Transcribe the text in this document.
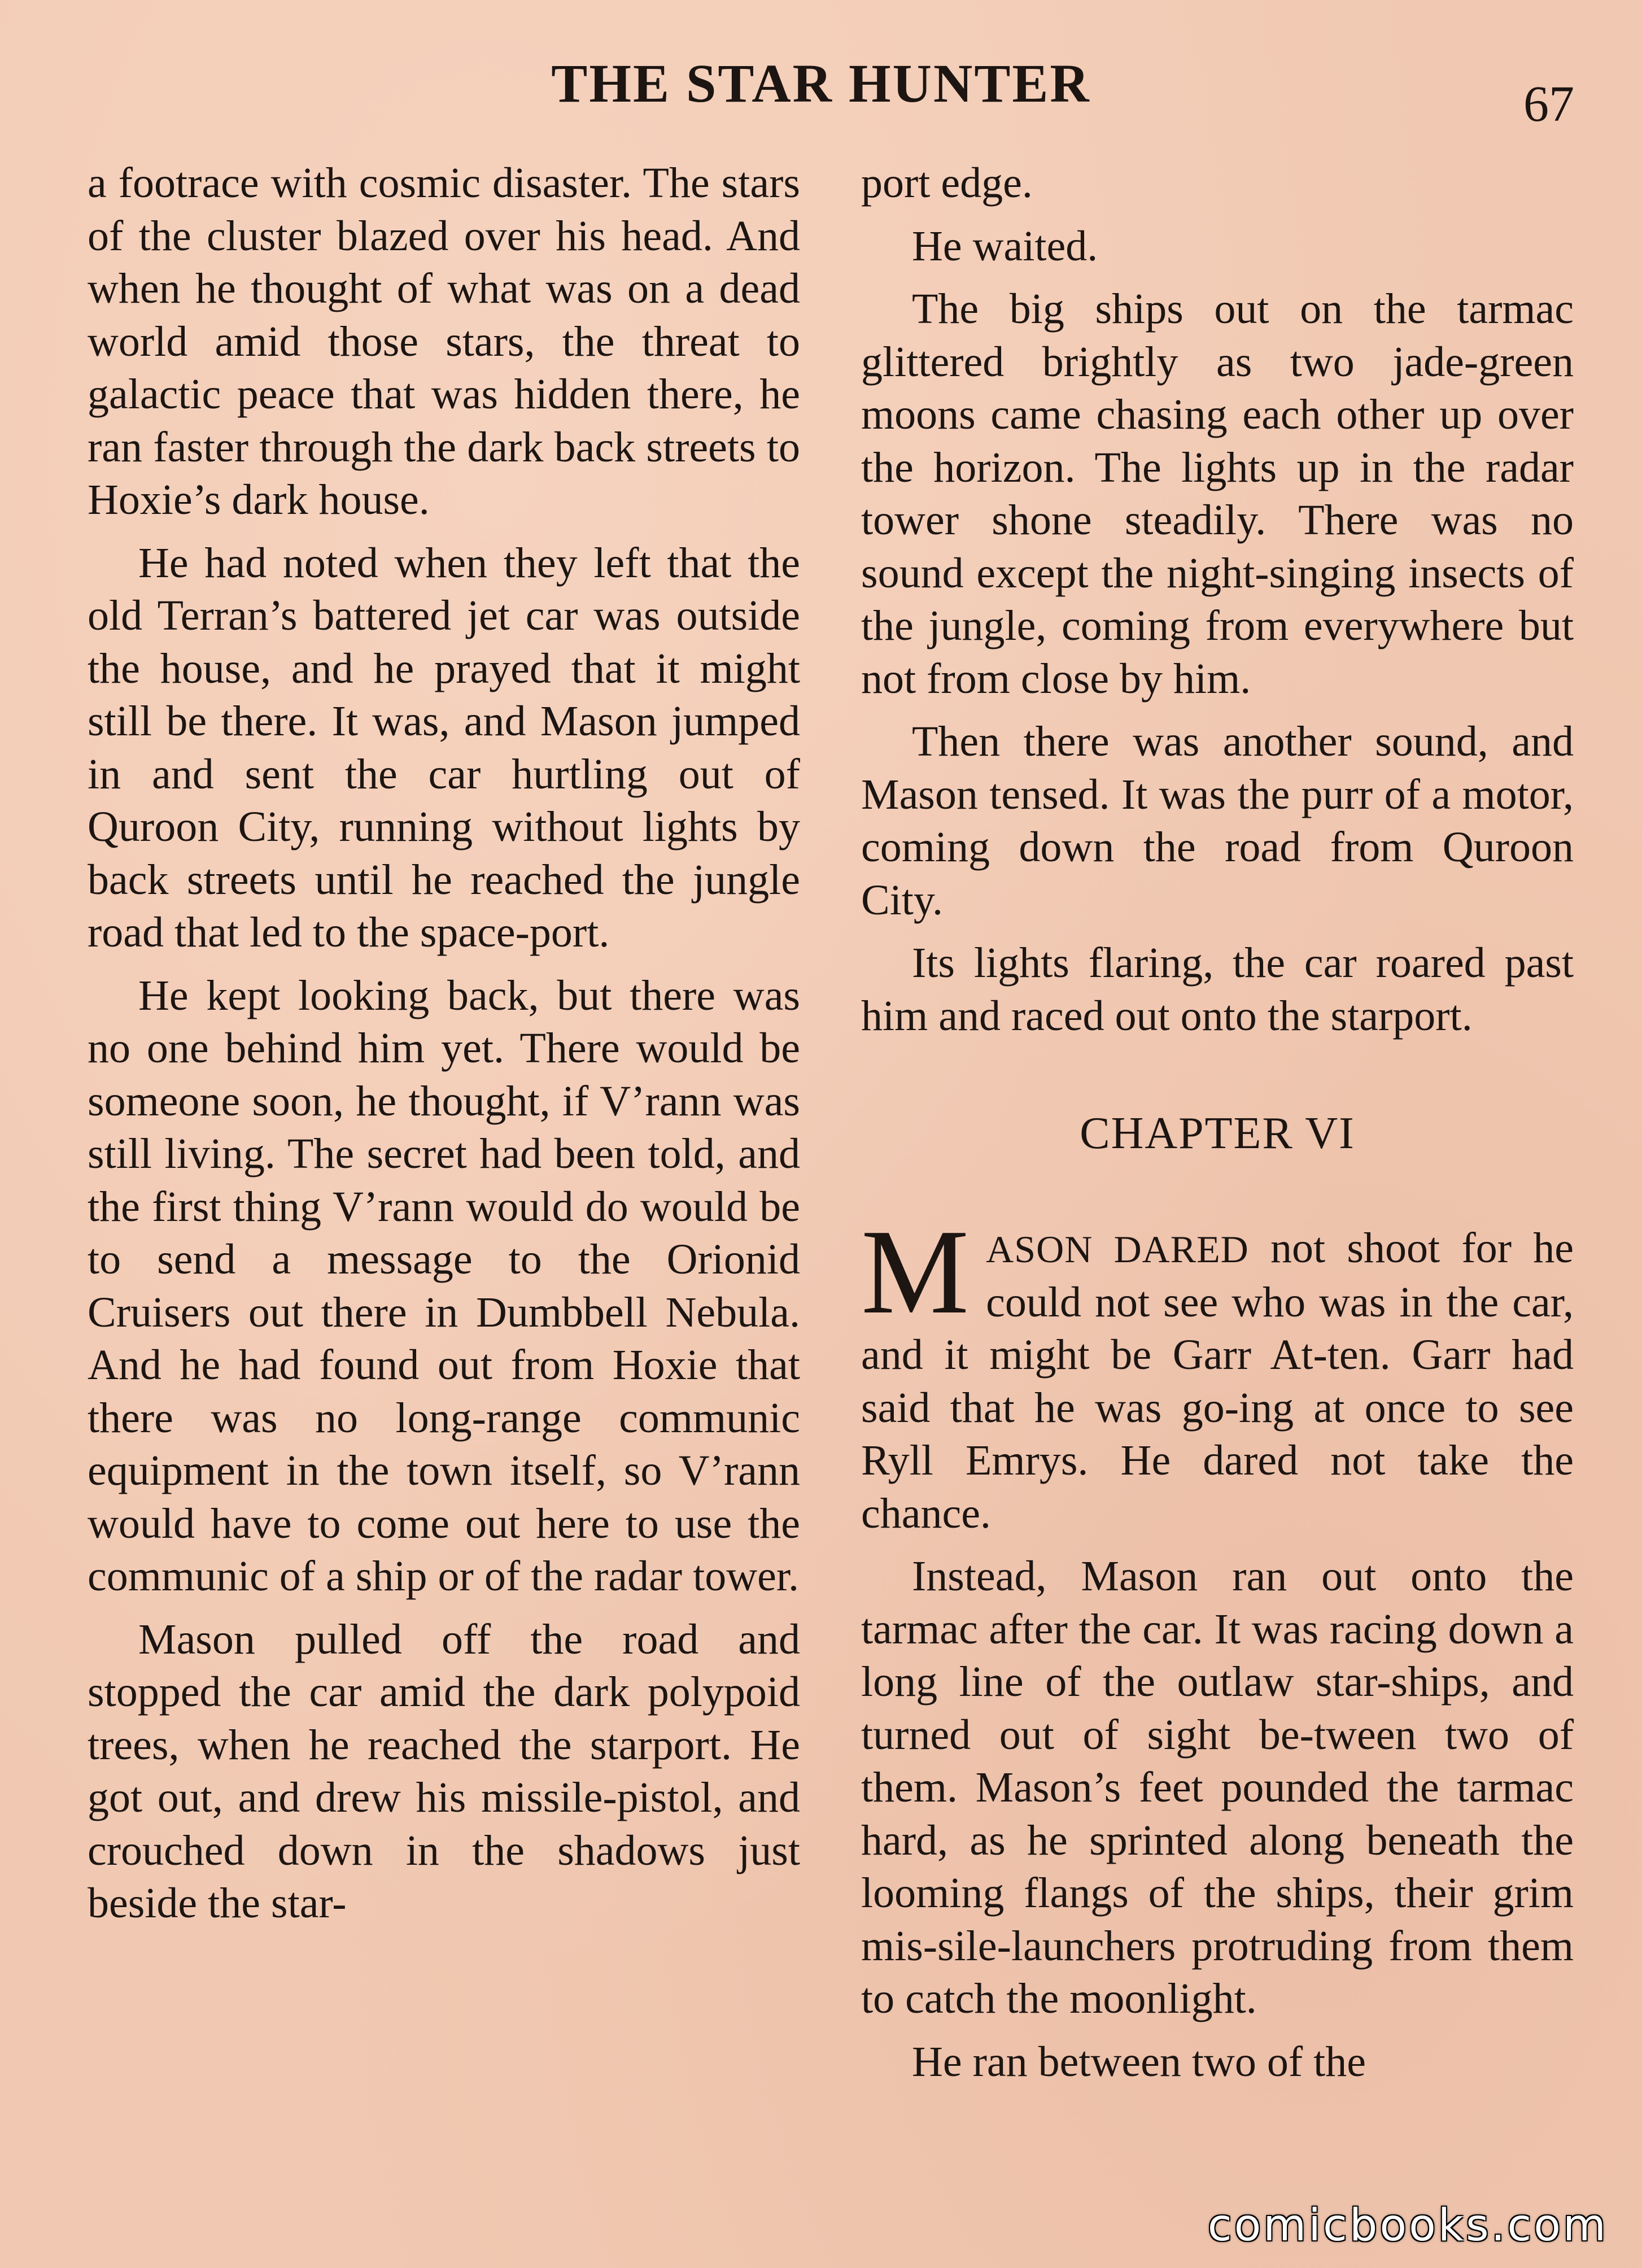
THE STAR HUNTER	67

a footrace with cosmic disaster. The stars of the cluster blazed over his head. And when he thought of what was on a dead world amid those stars, the threat to galactic peace that was hidden there, he ran faster through the dark back streets to Hoxie’s dark house.

He had noted when they left that the old Terran’s battered jet car was outside the house, and he prayed that it might still be there. It was, and Mason jumped in and sent the car hurtling out of Quroon City, running without lights by back streets until he reached the jungle road that led to the space-port.

He kept looking back, but there was no one behind him yet. There would be someone soon, he thought, if V’rann was still living. The secret had been told, and the first thing V’rann would do would be to send a message to the Orionid Cruisers out there in Dumbbell Nebula. And he had found out from Hoxie that there was no long-range communic equipment in the town itself, so V’rann would have to come out here to use the communic of a ship or of the radar tower.

Mason pulled off the road and stopped the car amid the dark polypoid trees, when he reached the starport. He got out, and drew his missile-pistol, and crouched down in the shadows just beside the star-

port edge.

He waited.

The big ships out on the tarmac glittered brightly as two jade-green moons came chasing each other up over the horizon. The lights up in the radar tower shone steadily. There was no sound except the night-singing insects of the jungle, coming from everywhere but not from close by him.

Then there was another sound, and Mason tensed. It was the purr of a motor, coming down the road from Quroon City.

Its lights flaring, the car roared past him and raced out onto the starport.

CHAPTER VI

MASON DARED not shoot for he could not see who was in the car, and it might be Garr At-ten. Garr had said that he was go-ing at once to see Ryll Emrys. He dared not take the chance.

Instead, Mason ran out onto the tarmac after the car. It was racing down a long line of the outlaw star-ships, and turned out of sight be-tween two of them. Mason’s feet pounded the tarmac hard, as he sprinted along beneath the looming flangs of the ships, their grim mis-sile-launchers protruding from them to catch the moonlight.

He ran between two of the

comicbooks.com
